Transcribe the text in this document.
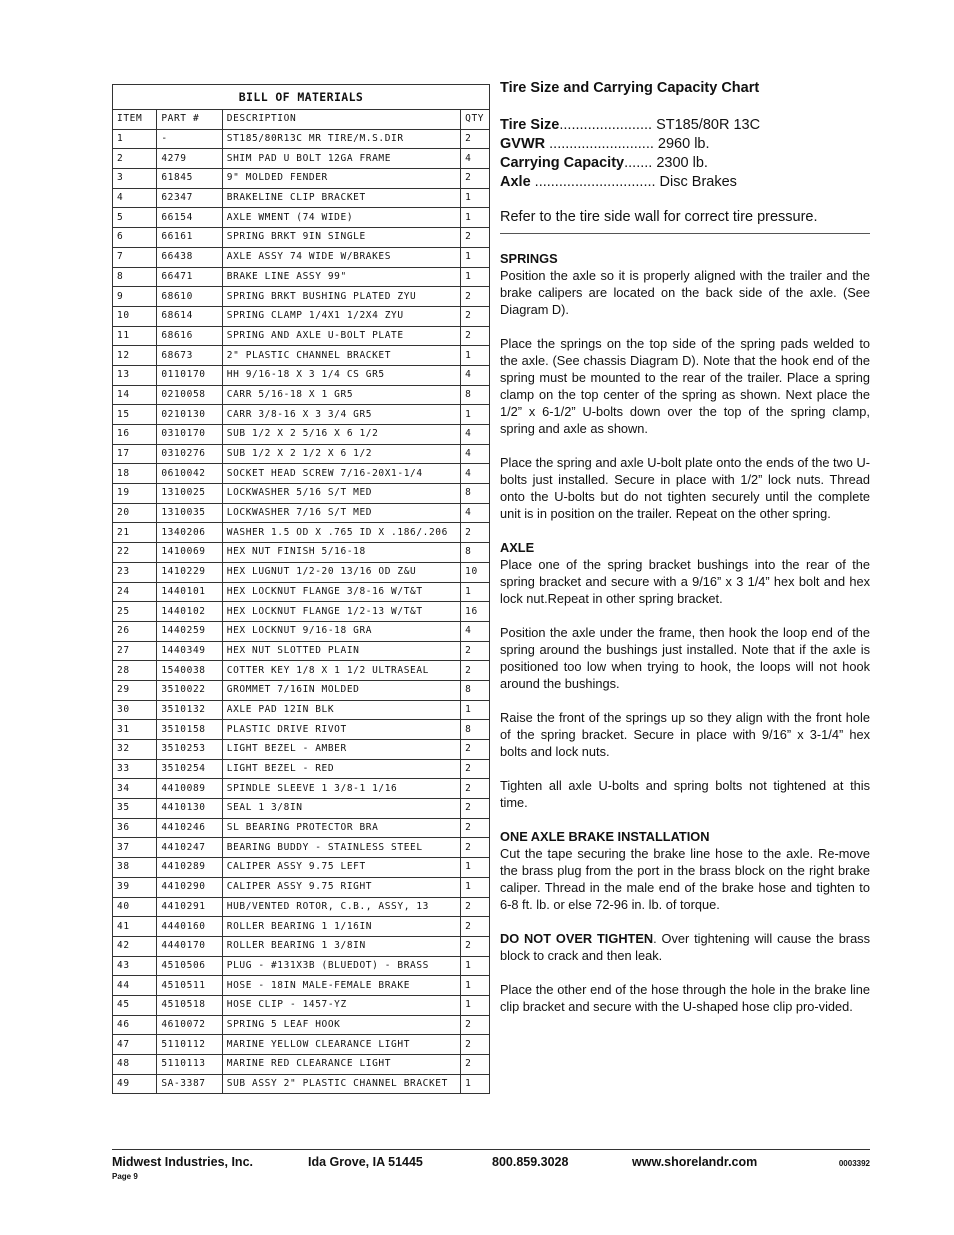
BILL OF MATERIALS			
ITEM	PART #	DESCRIPTION	QTY
1	-	ST185/80R13C MR TIRE/M.S.DIR	2
2	4279	SHIM PAD U BOLT 12GA FRAME	4
3	61845	9" MOLDED FENDER	2
4	62347	BRAKELINE CLIP BRACKET	1
5	66154	AXLE WMENT (74 WIDE)	1
6	66161	SPRING BRKT 9IN SINGLE	2
7	66438	AXLE ASSY 74 WIDE W/BRAKES	1
8	66471	BRAKE LINE ASSY 99"	1
9	68610	SPRING BRKT BUSHING PLATED ZYU	2
10	68614	SPRING CLAMP 1/4X1 1/2X4 ZYU	2
11	68616	SPRING AND AXLE U-BOLT PLATE	2
12	68673	2" PLASTIC CHANNEL BRACKET	1
13	0110170	HH 9/16-18 X 3 1/4 CS GR5	4
14	0210058	CARR 5/16-18 X 1 GR5	8
15	0210130	CARR 3/8-16 X 3 3/4 GR5	1
16	0310170	SUB 1/2 X 2 5/16 X 6 1/2	4
17	0310276	SUB 1/2 X 2 1/2 X 6 1/2	4
18	0610042	SOCKET HEAD SCREW 7/16-20X1-1/4	4
19	1310025	LOCKWASHER 5/16 S/T MED	8
20	1310035	LOCKWASHER 7/16 S/T MED	4
21	1340206	WASHER 1.5 OD X .765 ID X .186/.206	2
22	1410069	HEX NUT FINISH 5/16-18	8
23	1410229	HEX LUGNUT 1/2-20 13/16 OD Z&U	10
24	1440101	HEX LOCKNUT FLANGE 3/8-16 W/T&T	1
25	1440102	HEX LOCKNUT FLANGE 1/2-13 W/T&T	16
26	1440259	HEX LOCKNUT 9/16-18 GRA	4
27	1440349	HEX NUT SLOTTED PLAIN	2
28	1540038	COTTER KEY 1/8 X 1 1/2 ULTRASEAL	2
29	3510022	GROMMET 7/16IN MOLDED	8
30	3510132	AXLE PAD 12IN BLK	1
31	3510158	PLASTIC DRIVE RIVOT	8
32	3510253	LIGHT BEZEL - AMBER	2
33	3510254	LIGHT BEZEL - RED	2
34	4410089	SPINDLE SLEEVE 1 3/8-1 1/16	2
35	4410130	SEAL 1 3/8IN	2
36	4410246	SL BEARING PROTECTOR BRA	2
37	4410247	BEARING BUDDY - STAINLESS STEEL	2
38	4410289	CALIPER ASSY 9.75 LEFT	1
39	4410290	CALIPER ASSY 9.75 RIGHT	1
40	4410291	HUB/VENTED ROTOR, C.B., ASSY, 13	2
41	4440160	ROLLER BEARING 1 1/16IN	2
42	4440170	ROLLER BEARING 1 3/8IN	2
43	4510506	PLUG - #131X3B (BLUEDOT) - BRASS	1
44	4510511	HOSE - 18IN MALE-FEMALE BRAKE	1
45	4510518	HOSE CLIP - 1457-YZ	1
46	4610072	SPRING 5 LEAF HOOK	2
47	5110112	MARINE YELLOW CLEARANCE LIGHT	2
48	5110113	MARINE RED CLEARANCE LIGHT	2
49	SA-3387	SUB ASSY 2" PLASTIC CHANNEL BRACKET	1
Tire Size and Carrying Capacity Chart
Tire Size....................... ST185/80R 13C
GVWR .......................... 2960 lb.
Carrying Capacity....... 2300 lb.
Axle .............................. Disc Brakes
Refer to the tire side wall for correct tire pressure.
SPRINGS

Position the axle so it is properly aligned with the trailer and the brake calipers are located on the back side of the axle. (See Diagram D).

Place the springs on the top side of the spring pads welded to the axle. (See chassis Diagram D). Note that the hook end of the spring must be mounted to the rear of the trailer. Place a spring clamp on the top center of the spring as shown. Next place the 1/2” x 6-1/2” U-bolts down over the top of the spring clamp, spring and axle as shown.

Place the spring and axle U-bolt plate onto the ends of the two U-bolts just installed. Secure in place with 1/2” lock nuts. Thread onto the U-bolts but do not tighten securely until the complete unit is in position on the trailer. Repeat on the other spring.

AXLE

Place one of the spring bracket bushings into the rear of the spring bracket and secure with a 9/16” x 3 1/4” hex bolt and hex lock nut.Repeat in other spring bracket.

Position the axle under the frame, then hook the loop end of the spring around the bushings just installed. Note that if the axle is positioned too low when trying to hook, the loops will not hook around the bushings.

Raise the front of the springs up so they align with the front hole of the spring bracket. Secure in place with 9/16” x 3-1/4” hex bolts and lock nuts.

Tighten all axle U-bolts and spring bolts not tightened at this time.

ONE AXLE BRAKE INSTALLATION

Cut the tape securing the brake line hose to the axle. Re-move the brass plug from the port in the brass block on the right brake caliper. Thread in the male end of the brake hose and tighten to 6-8 ft. lb. or else 72-96 in. lb. of torque.

DO NOT OVER TIGHTEN. Over tightening will cause the brass block to crack and then leak.

Place the other end of the hose through the hole in the brake line clip bracket and secure with the U-shaped hose clip pro-vided.

Midwest Industries, Inc.	Ida Grove, IA 51445	800.859.3028	www.shorelandr.com	0003392
Page 9
